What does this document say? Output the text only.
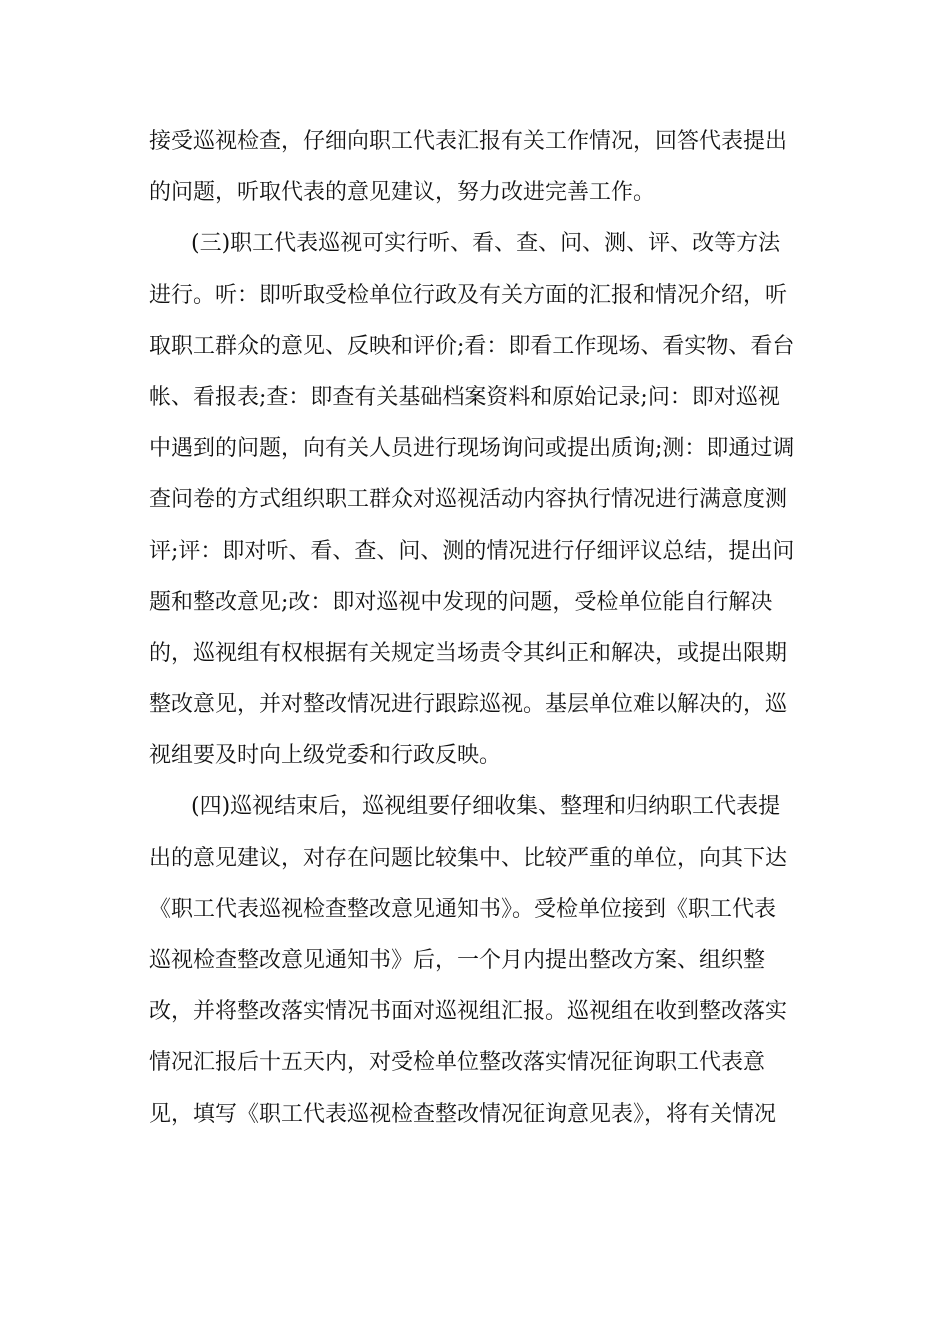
接受巡视检查，仔细向职工代表汇报有关工作情况，回答代表提出
的问题，听取代表的意见建议，努力改进完善工作。
(三)职工代表巡视可实行听、看、查、问、测、评、改等方法
进行。听：即听取受检单位行政及有关方面的汇报和情况介绍，听
取职工群众的意见、反映和评价;看：即看工作现场、看实物、看台
帐、看报表;查：即查有关基础档案资料和原始记录;问：即对巡视
中遇到的问题，向有关人员进行现场询问或提出质询;测：即通过调
查问卷的方式组织职工群众对巡视活动内容执行情况进行满意度测
评;评：即对听、看、查、问、测的情况进行仔细评议总结，提出问
题和整改意见;改：即对巡视中发现的问题，受检单位能自行解决
的，巡视组有权根据有关规定当场责令其纠正和解决，或提出限期
整改意见，并对整改情况进行跟踪巡视。基层单位难以解决的，巡
视组要及时向上级党委和行政反映。
(四)巡视结束后，巡视组要仔细收集、整理和归纳职工代表提
出的意见建议，对存在问题比较集中、比较严重的单位，向其下达
《职工代表巡视检查整改意见通知书》。受检单位接到《职工代表
巡视检查整改意见通知书》后，一个月内提出整改方案、组织整
改，并将整改落实情况书面对巡视组汇报。巡视组在收到整改落实
情况汇报后十五天内，对受检单位整改落实情况征询职工代表意
见，填写《职工代表巡视检查整改情况征询意见表》，将有关情况
